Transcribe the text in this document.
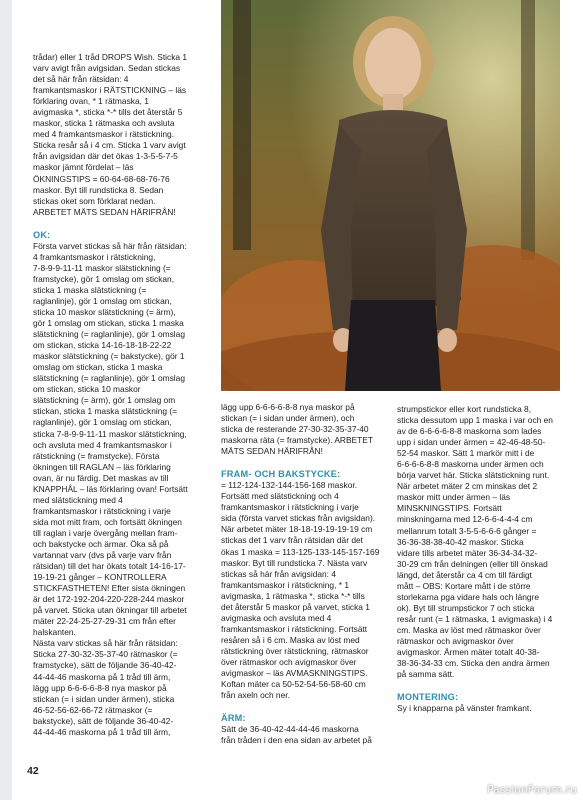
trådar) eller 1 tråd DROPS Wish. Sticka 1

varv avigt från avigsidan. Sedan stickas

det så här från rätsidan: 4

framkantsmaskor i RÄTSTICKNING – läs

förklaring ovan, * 1 rätmaska, 1

avigmaska *, sticka *-* tills det återstår 5

maskor, sticka 1 rätmaska och avsluta

med 4 framkantsmaskor i rätstickning.

Sticka resår så i 4 cm. Sticka 1 varv avigt

från avigsidan där det ökas 1-3-5-5-7-5

maskor jämnt fördelat – läs

ÖKNINGSTIPS = 60-64-68-68-76-76

maskor. Byt till rundsticka 8. Sedan

stickas oket som förklarat nedan.

ARBETET MÄTS SEDAN HÄRIFRÅN!

OK:

Första varvet stickas så här från rätsidan:

4 framkantsmaskor i rätstickning,

7-8-9-9-11-11 maskor slätstickning (=

framstycke), gör 1 omslag om stickan,

sticka 1 maska slätstickning (=

raglanlinje), gör 1 omslag om stickan,

sticka 10 maskor slätstickning (= ärm),

gör 1 omslag om stickan, sticka 1 maska

slätstickning (= raglanlinje), gör 1 omslag

om stickan, sticka 14-16-18-18-22-22

maskor slätstickning (= bakstycke), gör 1

omslag om stickan, sticka 1 maska

slätstickning (= raglanlinje), gör 1 omslag

om stickan, sticka 10 maskor

slätstickning (= ärm), gör 1 omslag om

stickan, sticka 1 maska slätstickning (=

raglanlinje), gör 1 omslag om stickan,

sticka 7-8-9-9-11-11 maskor slätstickning,

och avsluta med 4 framkantsmaskor i

rätstickning (= framstycke). Första

ökningen till RAGLAN – läs förklaring

ovan, är nu färdig. Det maskas av till

KNAPPHÅL – läs förklaring ovan! Fortsätt

med slätstickning med 4

framkantsmaskor i rätstickning i varje

sida mot mitt fram, och fortsätt ökningen

till raglan i varje övergång mellan fram-

och bakstycke och ärmar. Öka så på

vartannat varv (dvs på varje varv från

rätsidan) till det har ökats totalt 14-16-17-

19-19-21 gånger – KONTROLLERA

STICKFASTHETEN! Efter sista ökningen

är det 172-192-204-220-228-244 maskor

på varvet. Sticka utan ökningar till arbetet

mäter 22-24-25-27-29-31 cm från efter

halskanten.

Nästa varv stickas så här från rätsidan:

Sticka 27-30-32-35-37-40 rätmaskor (=

framstycke), sätt de följande 36-40-42-

44-44-46 maskorna på 1 tråd till ärm,

lägg upp 6-6-6-6-8-8 nya maskor på

stickan (= i sidan under ärmen), sticka

46-52-56-62-66-72 rätmaskor (=

bakstycke), sätt de följande 36-40-42-

44-44-46 maskorna på 1 tråd till ärm,

lägg upp 6-6-6-6-8-8 nya maskor på

stickan (= i sidan under ärmen), och

sticka de resterande 27-30-32-35-37-40

maskorna räta (= framstycke). ARBETET

MÄTS SEDAN HÄRIFRÅN!

FRAM- OCH BAKSTYCKE:

= 112-124-132-144-156-168 maskor.

Fortsätt med slätstickning och 4

framkantsmaskor i rätstickning i varje

sida (första varvet stickas från avigsidan).

När arbetet mäter 18-18-19-19-19-19 cm

stickas det 1 varv från rätsidan där det

ökas 1 maska = 113-125-133-145-157-169

maskor. Byt till rundsticka 7. Nästa varv

stickas så här från avigsidan: 4

framkantsmaskor i rätstickning, * 1

avigmaska, 1 rätmaska *, sticka *-* tills

det återstår 5 maskor på varvet, sticka 1

avigmaska och avsluta med 4

framkantsmaskor i rätstickning. Fortsätt

resåren så i 6 cm. Maska av löst med

rätstickning över rätstickning, rätmaskor

över rätmaskor och avigmaskor över

avigmaskor – läs AVMASKNINGSTIPS.

Koftan mäter ca 50-52-54-56-58-60 cm

från axeln och ner.

ÄRM:

Sätt de 36-40-42-44-44-46 maskorna

från tråden i den ena sidan av arbetet på

strumpstickor eller kort rundsticka 8,

sticka dessutom upp 1 maska i var och en

av de 6-6-6-6-8-8 maskorna som lades

upp i sidan under ärmen = 42-46-48-50-

52-54 maskor. Sätt 1 markör mitt i de

6-6-6-6-8-8 maskorna under ärmen och

börja varvet här. Sticka slätstickning runt.

När arbetet mäter 2 cm minskas det 2

maskor mitt under ärmen – läs

MINSKNINGSTIPS. Fortsätt

minskningarna med 12-6-6-4-4-4 cm

mellanrum totalt 3-5-5-6-6-6 gånger =

36-36-38-38-40-42 maskor. Sticka

vidare tills arbetet mäter 36-34-34-32-

30-29 cm från delningen (eller till önskad

längd, det återstår ca 4 cm till färdigt

mått – OBS: Kortare mått i de större

storlekarna pga vidare hals och längre

ok). Byt till strumpstickor 7 och sticka

resår runt (= 1 rätmaska, 1 avigmaska) i 4

cm. Maska av löst med rätmaskor över

rätmaskor och avigmaskor över

avigmaskor. Ärmen mäter totalt 40-38-

38-36-34-33 cm. Sticka den andra ärmen

på samma sätt.

MONTERING:

Sy i knapparna på vänster framkant.

42
PassionForum.ru
